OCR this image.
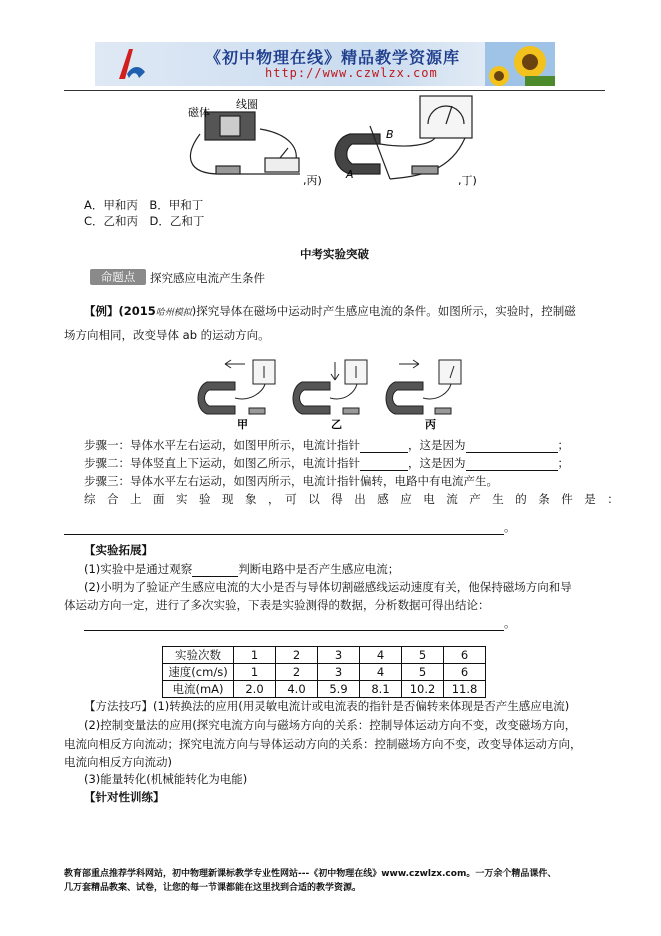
《初中物理在线》精品教学资源库
http://www.czwlzx.com
磁体
线圈
,丙)
B
A	,丁)
A．甲和丙　B．甲和丁
C．乙和丙　D．乙和丁
中考实验突破
命题点	探究感应电流产生条件
【例】(2015哈州模拟)探究导体在磁场中运动时产生感应电流的条件。如图所示，实验时，控制磁
场方向相同，改变导体 ab 的运动方向。
甲	乙	丙
步骤一：导体水平左右运动，如图甲所示，电流计指针	，这是因为	；
步骤二：导体竖直上下运动，如图乙所示，电流计指针	，这是因为	；
步骤三：导体水平左右运动，如图丙所示，电流计指针偏转，电路中有电流产生。
综　合　上　面　实　验　现　象　，　可　以　得　出　感　应　电　流　产　生　的　条　件　是　：
。
【实验拓展】
(1)实验中是通过观察	判断电路中是否产生感应电流；
(2)小明为了验证产生感应电流的大小是否与导体切割磁感线运动速度有关，他保持磁场方向和导
体运动方向一定，进行了多次实验，下表是实验测得的数据，分析数据可得出结论：
。
实验次数	1	2	3	4	5	6
速度(cm/s)	1	2	3	4	5	6
电流(mA)	2.0	4.0	5.9	8.1	10.2	11.8
【方法技巧】(1)转换法的应用(用灵敏电流计或电流表的指针是否偏转来体现是否产生感应电流)
(2)控制变量法的应用(探究电流方向与磁场方向的关系：控制导体运动方向不变，改变磁场方向，
电流向相反方向流动；探究电流方向与导体运动方向的关系：控制磁场方向不变，改变导体运动方向，
电流向相反方向流动)
(3)能量转化(机械能转化为电能)
【针对性训练】
教育部重点推荐学科网站，初中物理新课标教学专业性网站---《初中物理在线》www.czwlzx.com。一万余个精品课件、
几万套精品教案、试卷，让您的每一节课都能在这里找到合适的教学资源。
